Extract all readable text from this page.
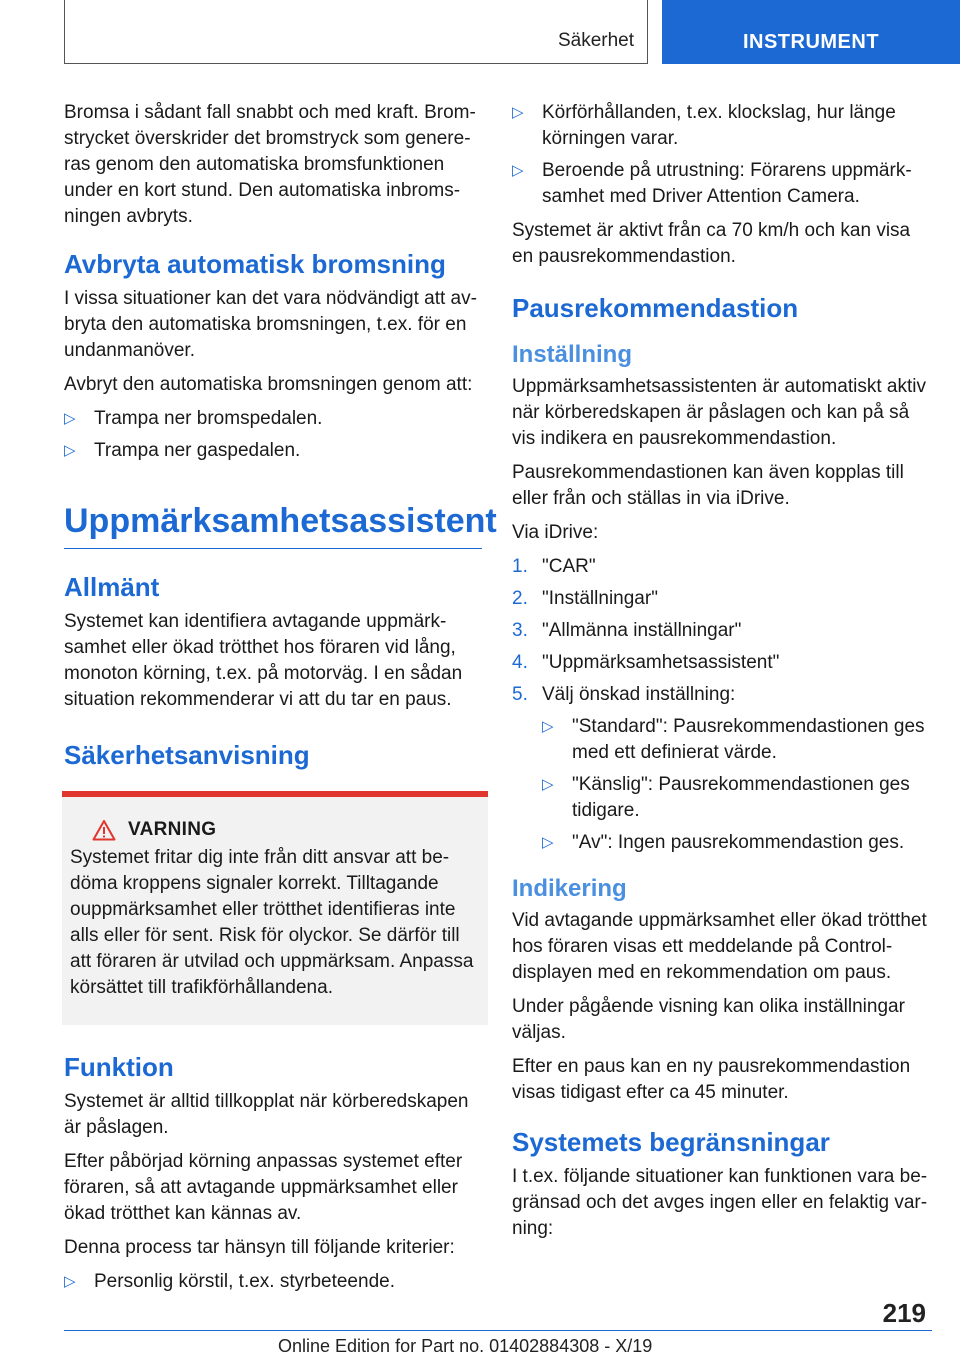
Säkerhet	INSTRUMENT

Bromsa i sådant fall snabbt och med kraft. Bromstrycket överskrider det bromstryck som genereras genom den automatiska bromsfunktionen under en kort stund. Den automatiska inbromsningen avbryts.

Avbryta automatisk bromsning

I vissa situationer kan det vara nödvändigt att avbryta den automatiska bromsningen, t.ex. för en undanmanöver.

Avbryt den automatiska bromsningen genom att:

▷ Trampa ner bromspedalen.
▷ Trampa ner gaspedalen.
Uppmärksamhetsassistent
Allmänt

Systemet kan identifiera avtagande uppmärksamhet eller ökad trötthet hos föraren vid lång, monoton körning, t.ex. på motorväg. I en sådan situation rekommenderar vi att du tar en paus.

Säkerhetsanvisning
VARNING

Systemet fritar dig inte från ditt ansvar att bedöma kroppens signaler korrekt. Tilltagande ouppmärksamhet eller trötthet identifieras inte alls eller för sent. Risk för olyckor. Se därför till att föraren är utvilad och uppmärksam. Anpassa körsättet till trafikförhållandena.

Funktion

Systemet är alltid tillkopplat när körberedskapen är påslagen.

Efter påbörjad körning anpassas systemet efter föraren, så att avtagande uppmärksamhet eller ökad trötthet kan kännas av.

Denna process tar hänsyn till följande kriterier:

▷ Personlig körstil, t.ex. styrbeteende.
▷ Körförhållanden, t.ex. klockslag, hur länge körningen varar.
▷ Beroende på utrustning: Förarens uppmärksamhet med Driver Attention Camera.

Systemet är aktivt från ca 70 km/h och kan visa en pausrekommendastion.

Pausrekommendastion
Inställning

Uppmärksamhetsassistenten är automatiskt aktiv när körberedskapen är påslagen och kan på så vis indikera en pausrekommendastion.

Pausrekommendastionen kan även kopplas till eller från och ställas in via iDrive.

Via iDrive:

1. "CAR"
2. "Inställningar"
3. "Allmänna inställningar"
4. "Uppmärksamhetsassistent"
5. Välj önskad inställning:
▷ "Standard": Pausrekommendastionen ges med ett definierat värde.
▷ "Känslig": Pausrekommendastionen ges tidigare.
▷ "Av": Ingen pausrekommendastion ges.
Indikering

Vid avtagande uppmärksamhet eller ökad trötthet hos föraren visas ett meddelande på Control-displayen med en rekommendation om paus.

Under pågående visning kan olika inställningar väljas.

Efter en paus kan en ny pausrekommendastion visas tidigast efter ca 45 minuter.

Systemets begränsningar

I t.ex. följande situationer kan funktionen vara begränsad och det avges ingen eller en felaktig varning:

219
Online Edition for Part no. 01402884308 - X/19
